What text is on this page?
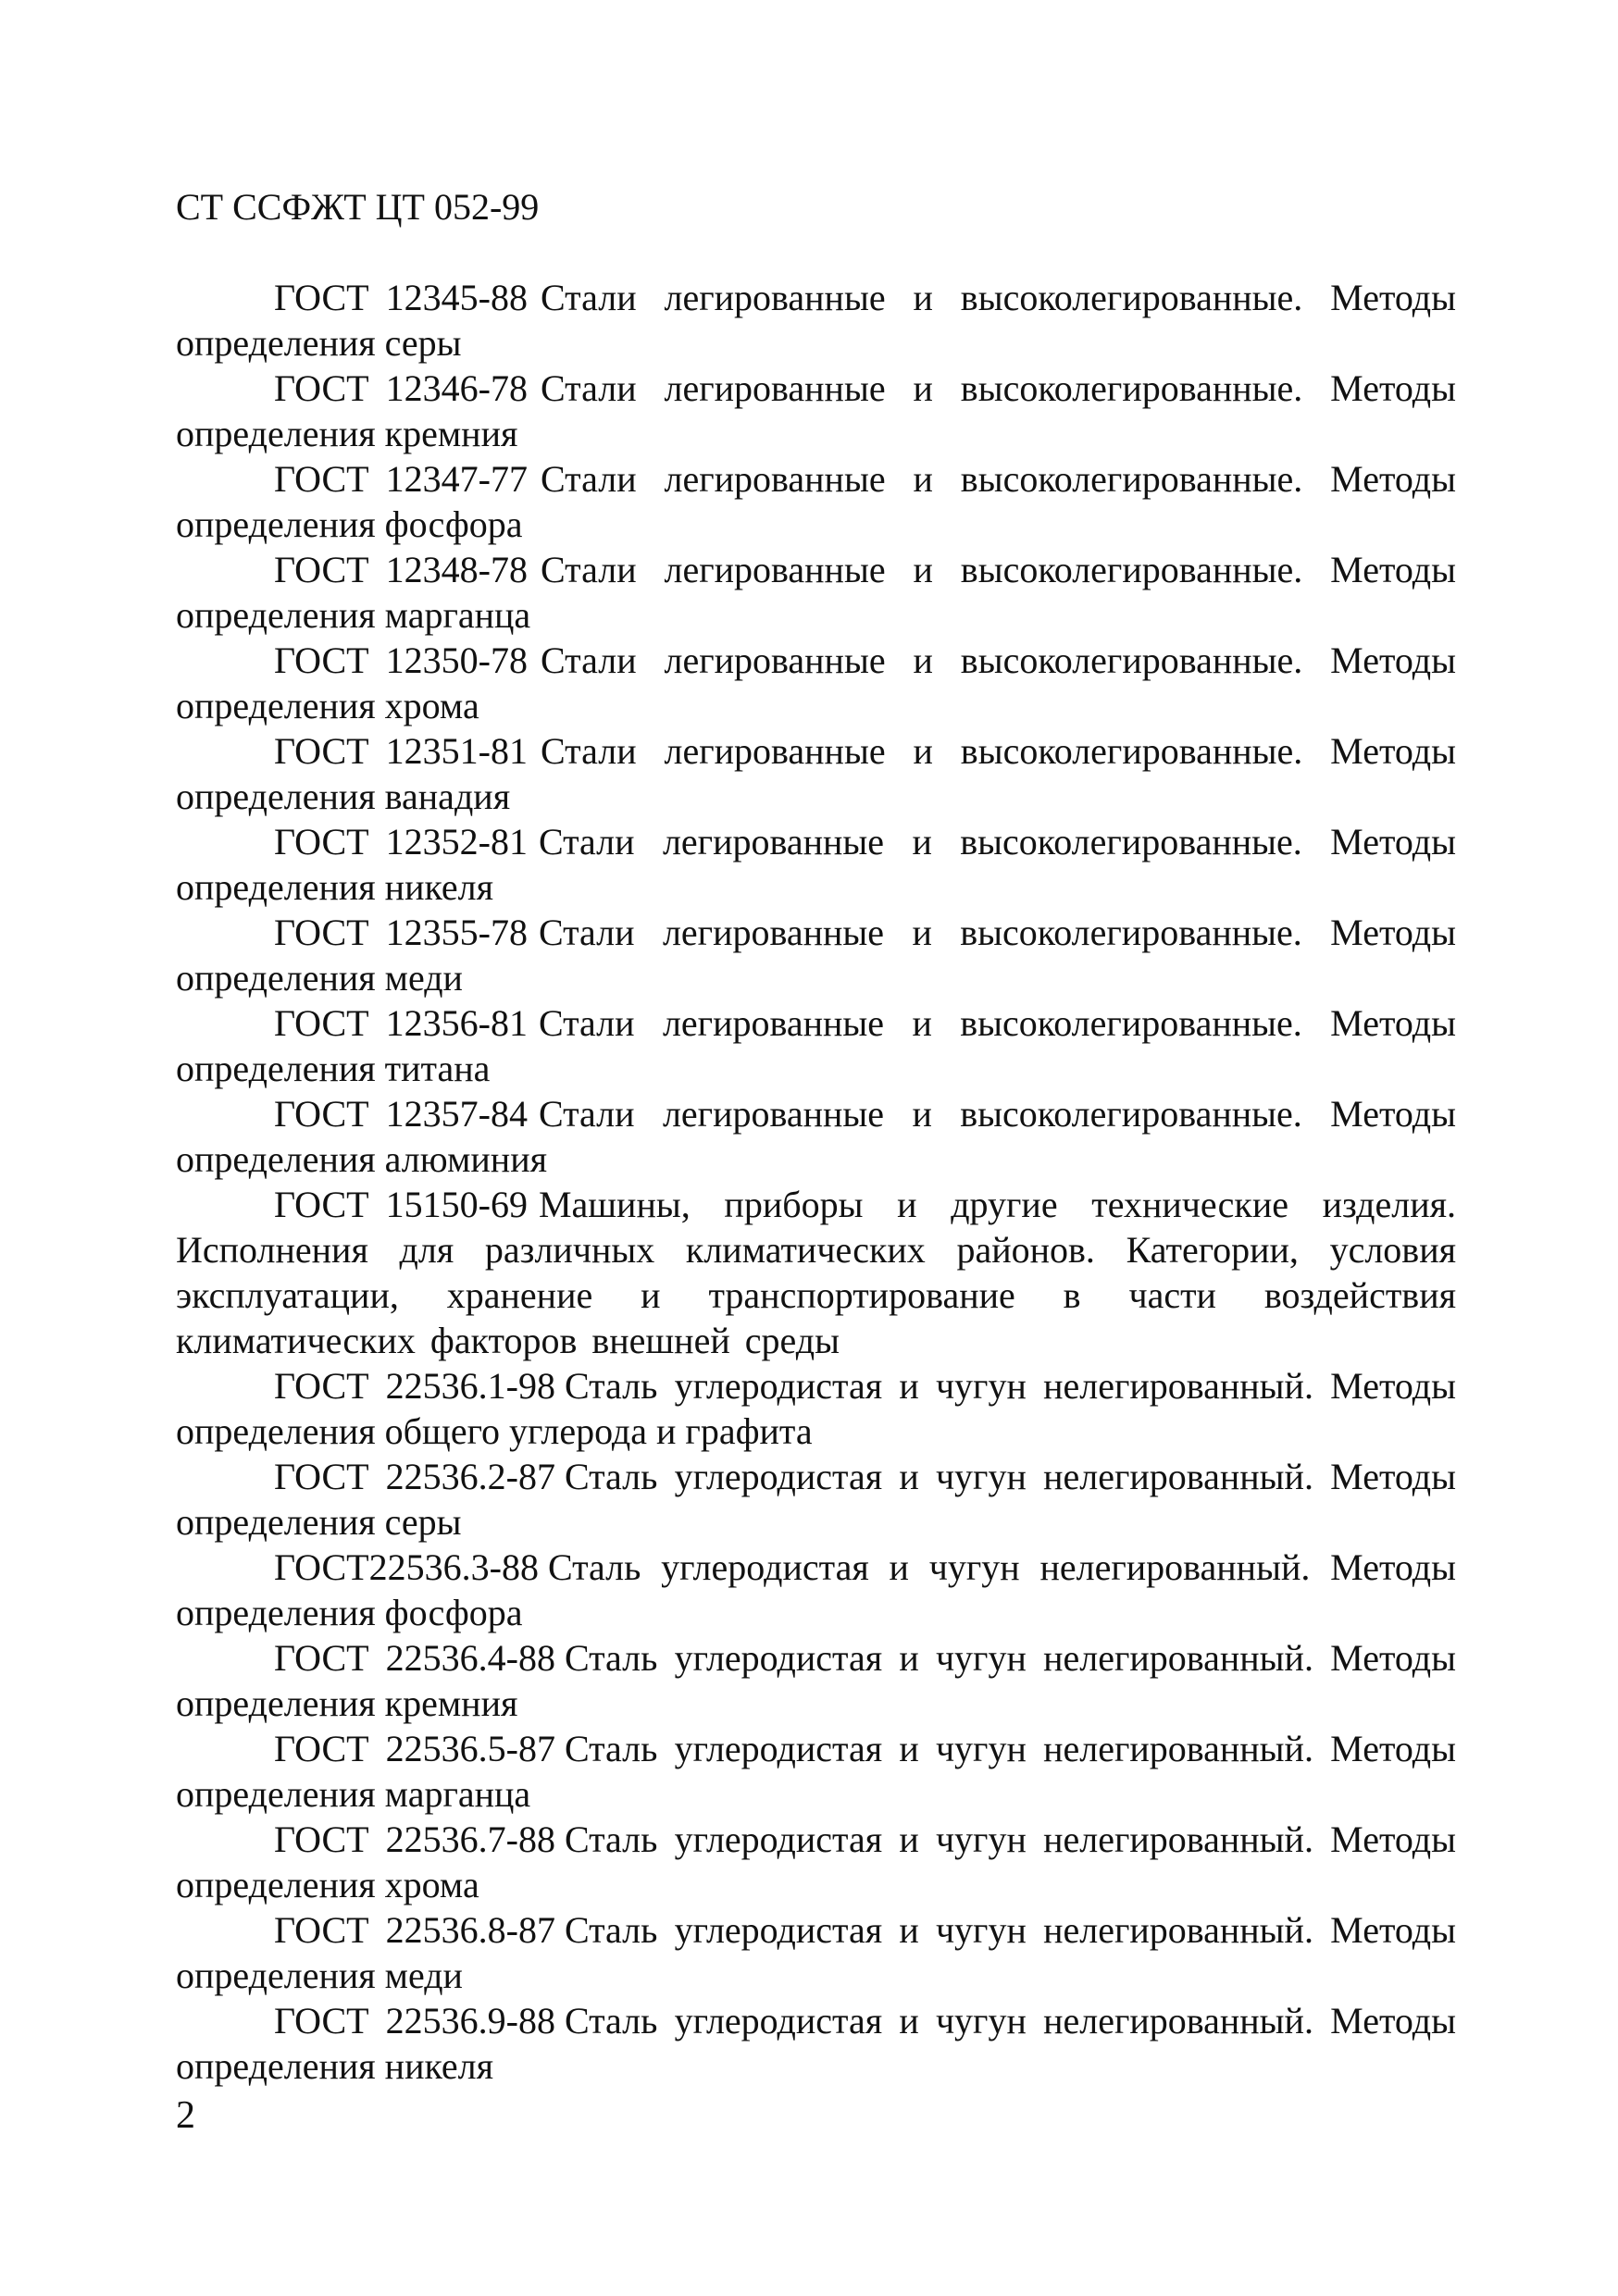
СТ ССФЖТ ЦТ 052-99

ГОСТ 12345-88 Стали легированные и высоколегированные. Методы определения серы

ГОСТ 12346-78 Стали легированные и высоколегированные. Методы определения кремния

ГОСТ 12347-77 Стали легированные и высоколегированные. Методы определения фосфора

ГОСТ 12348-78 Стали легированные и высоколегированные. Методы определения марганца

ГОСТ 12350-78 Стали легированные и высоколегированные. Методы определения хрома

ГОСТ 12351-81 Стали легированные и высоколегированные. Методы определения ванадия

ГОСТ 12352-81 Стали легированные и высоколегированные. Методы определения никеля

ГОСТ 12355-78 Стали легированные и высоколегированные. Методы определения меди

ГОСТ 12356-81 Стали легированные и высоколегированные. Методы определения титана

ГОСТ 12357-84 Стали легированные и высоколегированные. Методы определения алюминия

ГОСТ 15150-69 Машины, приборы и другие технические изделия. Исполнения для различных климатических районов. Категории, условия эксплуатации, хранение и транспортирование в части воздействия климатических факторов внешней среды

ГОСТ 22536.1-98 Сталь углеродистая и чугун нелегированный. Методы определения общего углерода и графита

ГОСТ 22536.2-87 Сталь углеродистая и чугун нелегированный. Методы определения серы

ГОСТ22536.3-88 Сталь углеродистая и чугун нелегированный. Методы определения фосфора

ГОСТ 22536.4-88 Сталь углеродистая и чугун нелегированный. Методы определения кремния

ГОСТ 22536.5-87 Сталь углеродистая и чугун нелегированный. Методы определения марганца

ГОСТ 22536.7-88 Сталь углеродистая и чугун нелегированный. Методы определения хрома

ГОСТ 22536.8-87 Сталь углеродистая и чугун нелегированный. Методы определения меди

ГОСТ 22536.9-88 Сталь углеродистая и чугун нелегированный. Методы определения никеля

2
